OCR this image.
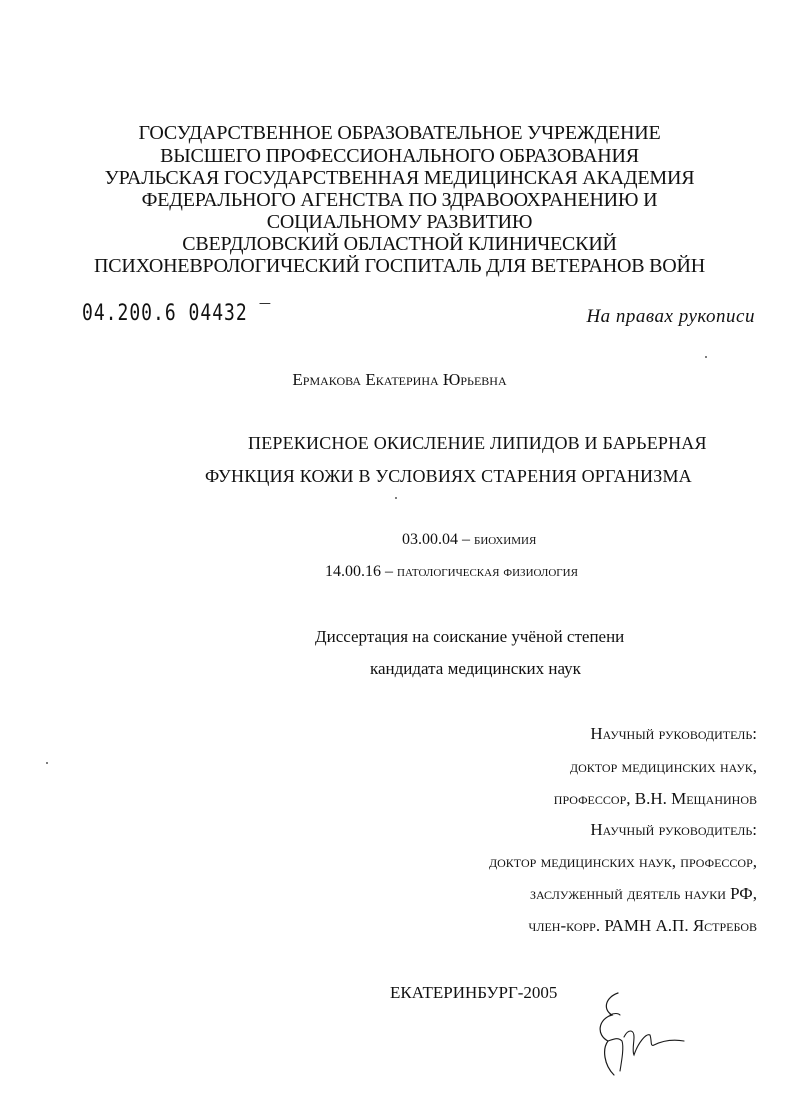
ГОСУДАРСТВЕННОЕ ОБРАЗОВАТЕЛЬНОЕ УЧРЕЖДЕНИЕ
ВЫСШЕГО ПРОФЕССИОНАЛЬНОГО ОБРАЗОВАНИЯ
УРАЛЬСКАЯ ГОСУДАРСТВЕННАЯ МЕДИЦИНСКАЯ АКАДЕМИЯ
ФЕДЕРАЛЬНОГО АГЕНСТВА ПО ЗДРАВООХРАНЕНИЮ И
СОЦИАЛЬНОМУ РАЗВИТИЮ
СВЕРДЛОВСКИЙ ОБЛАСТНОЙ КЛИНИЧЕСКИЙ
ПСИХОНЕВРОЛОГИЧЕСКИЙ ГОСПИТАЛЬ ДЛЯ ВЕТЕРАНОВ ВОЙН
04.200.6 04432 ‾	На правах рукописи
Ермакова Екатерина Юрьевна
ПЕРЕКИСНОЕ ОКИСЛЕНИЕ ЛИПИДОВ И БАРЬЕРНАЯ
ФУНКЦИЯ КОЖИ В УСЛОВИЯХ СТАРЕНИЯ ОРГАНИЗМА
03.00.04 – биохимия
14.00.16 – патологическая физиология
Диссертация на соискание учёной степени
кандидата медицинских наук
Научный руководитель:
доктор медицинских наук,
профессор, В.Н. Мещанинов
Научный руководитель:
доктор медицинских наук, профессор,
заслуженный деятель науки РФ,
член-корр. РАМН А.П. Ястребов
ЕКАТЕРИНБУРГ-2005
